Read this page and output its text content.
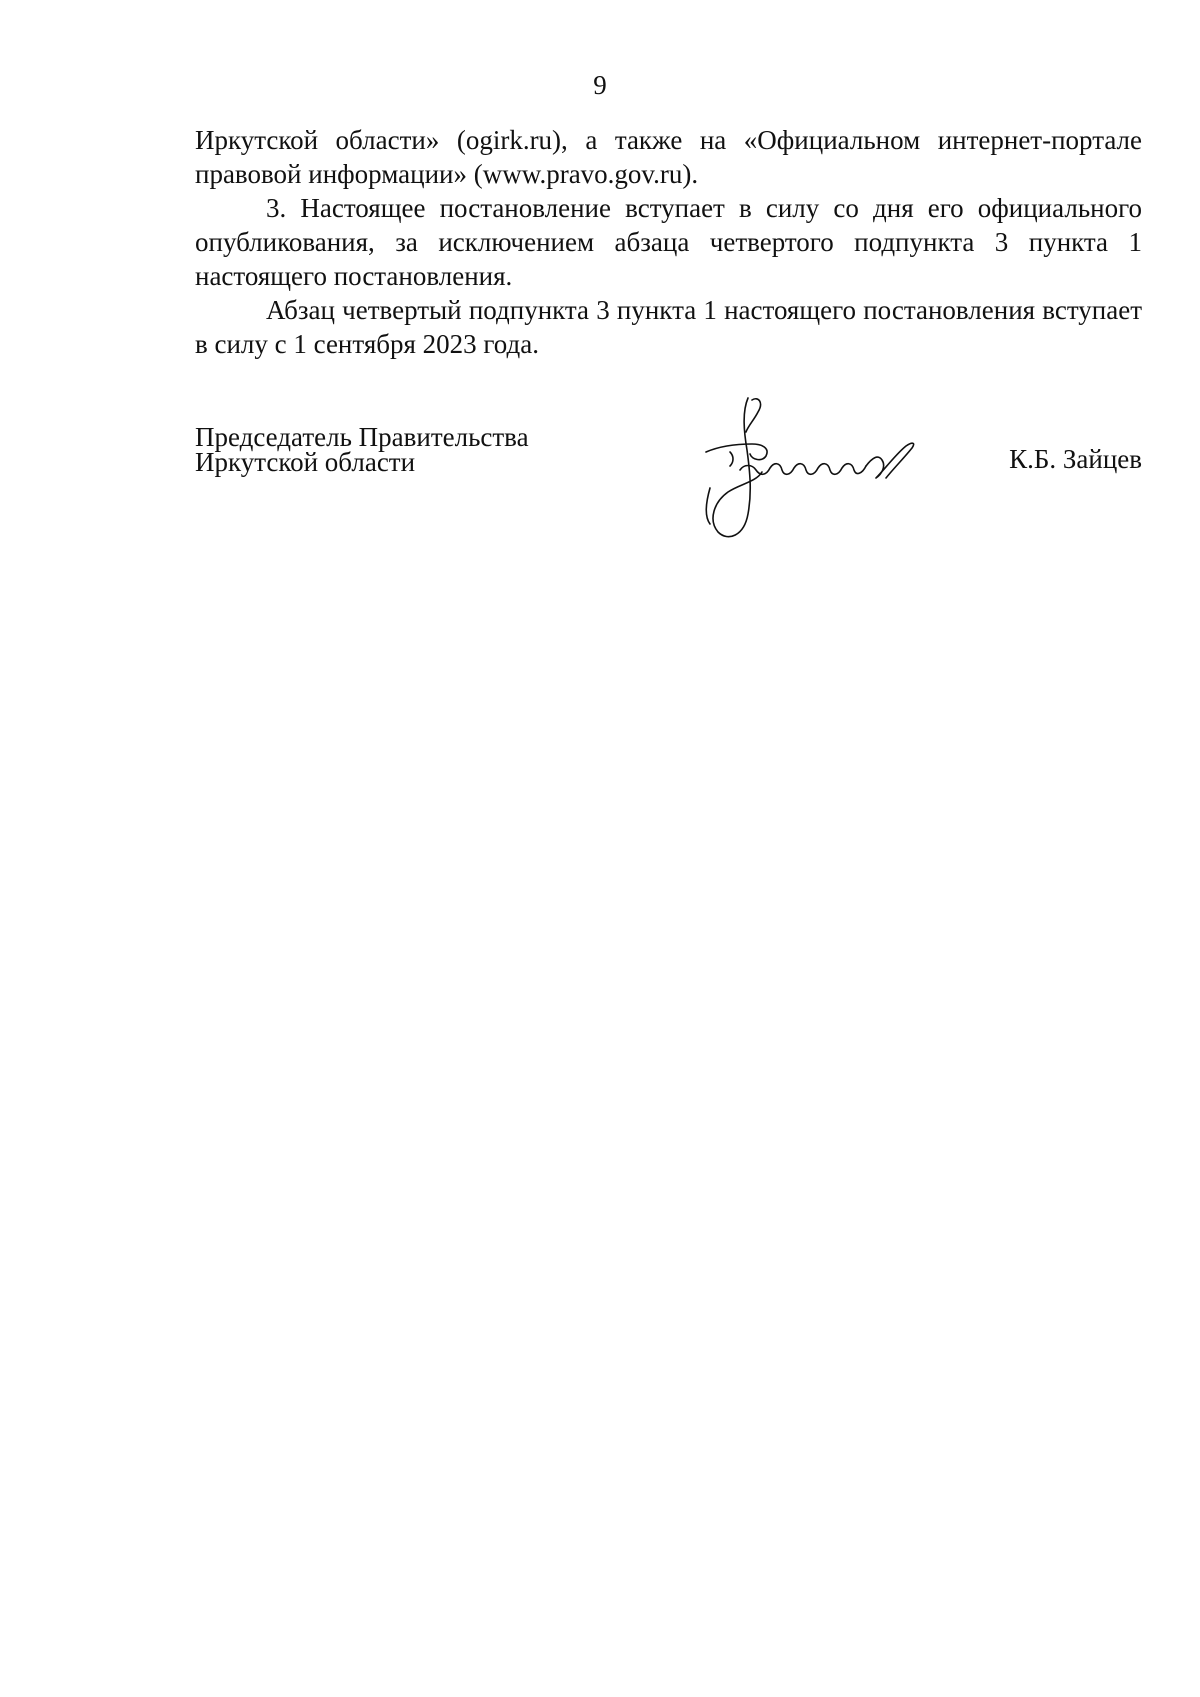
9

Иркутской области» (ogirk.ru), а также на «Официальном интернет-портале правовой информации» (www.pravo.gov.ru).

3. Настоящее постановление вступает в силу со дня его официального опубликования, за исключением абзаца четвертого подпункта 3 пункта 1 настоящего постановления.

Абзац четвертый подпункта 3 пункта 1 настоящего постановления вступает в силу с 1 сентября 2023 года.

Председатель Правительства
Иркутской области	К.Б. Зайцев
